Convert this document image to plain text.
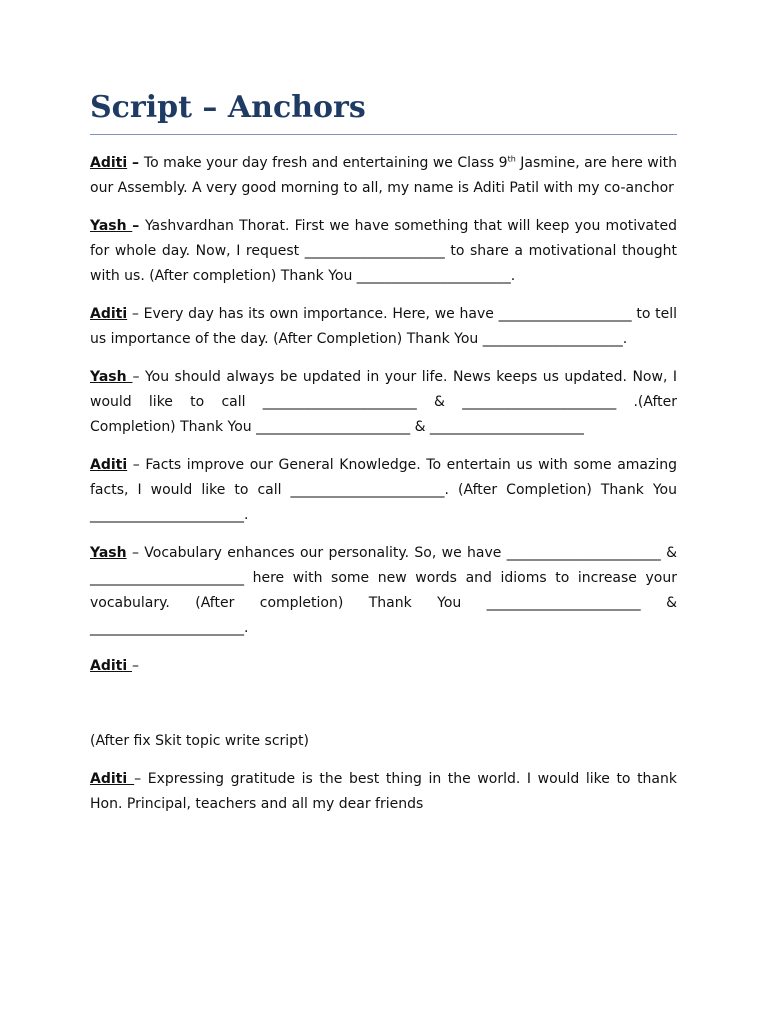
Script – Anchors

Aditi – To make your day fresh and entertaining we Class 9th Jasmine, are here with our Assembly. A very good morning to all, my name is Aditi Patil with my co-anchor

Yash – Yashvardhan Thorat. First we have something that will keep you motivated for whole day. Now, I request ____________________ to share a motivational thought with us. (After completion) Thank You ______________________.

Aditi – Every day has its own importance. Here, we have ___________________ to tell us importance of the day. (After Completion) Thank You ____________________.

Yash – You should always be updated in your life. News keeps us updated. Now, I would like to call ______________________ & ______________________ .(After Completion) Thank You ______________________ & ______________________

Aditi – Facts improve our General Knowledge. To entertain us with some amazing facts, I would like to call ______________________. (After Completion) Thank You ______________________.

Yash – Vocabulary enhances our personality. So, we have ______________________ & ______________________ here with some new words and idioms to increase your vocabulary. (After completion) Thank You ______________________ & ______________________.

Aditi –

(After fix Skit topic write script)

Aditi – Expressing gratitude is the best thing in the world. I would like to thank Hon. Principal, teachers and all my dear friends
